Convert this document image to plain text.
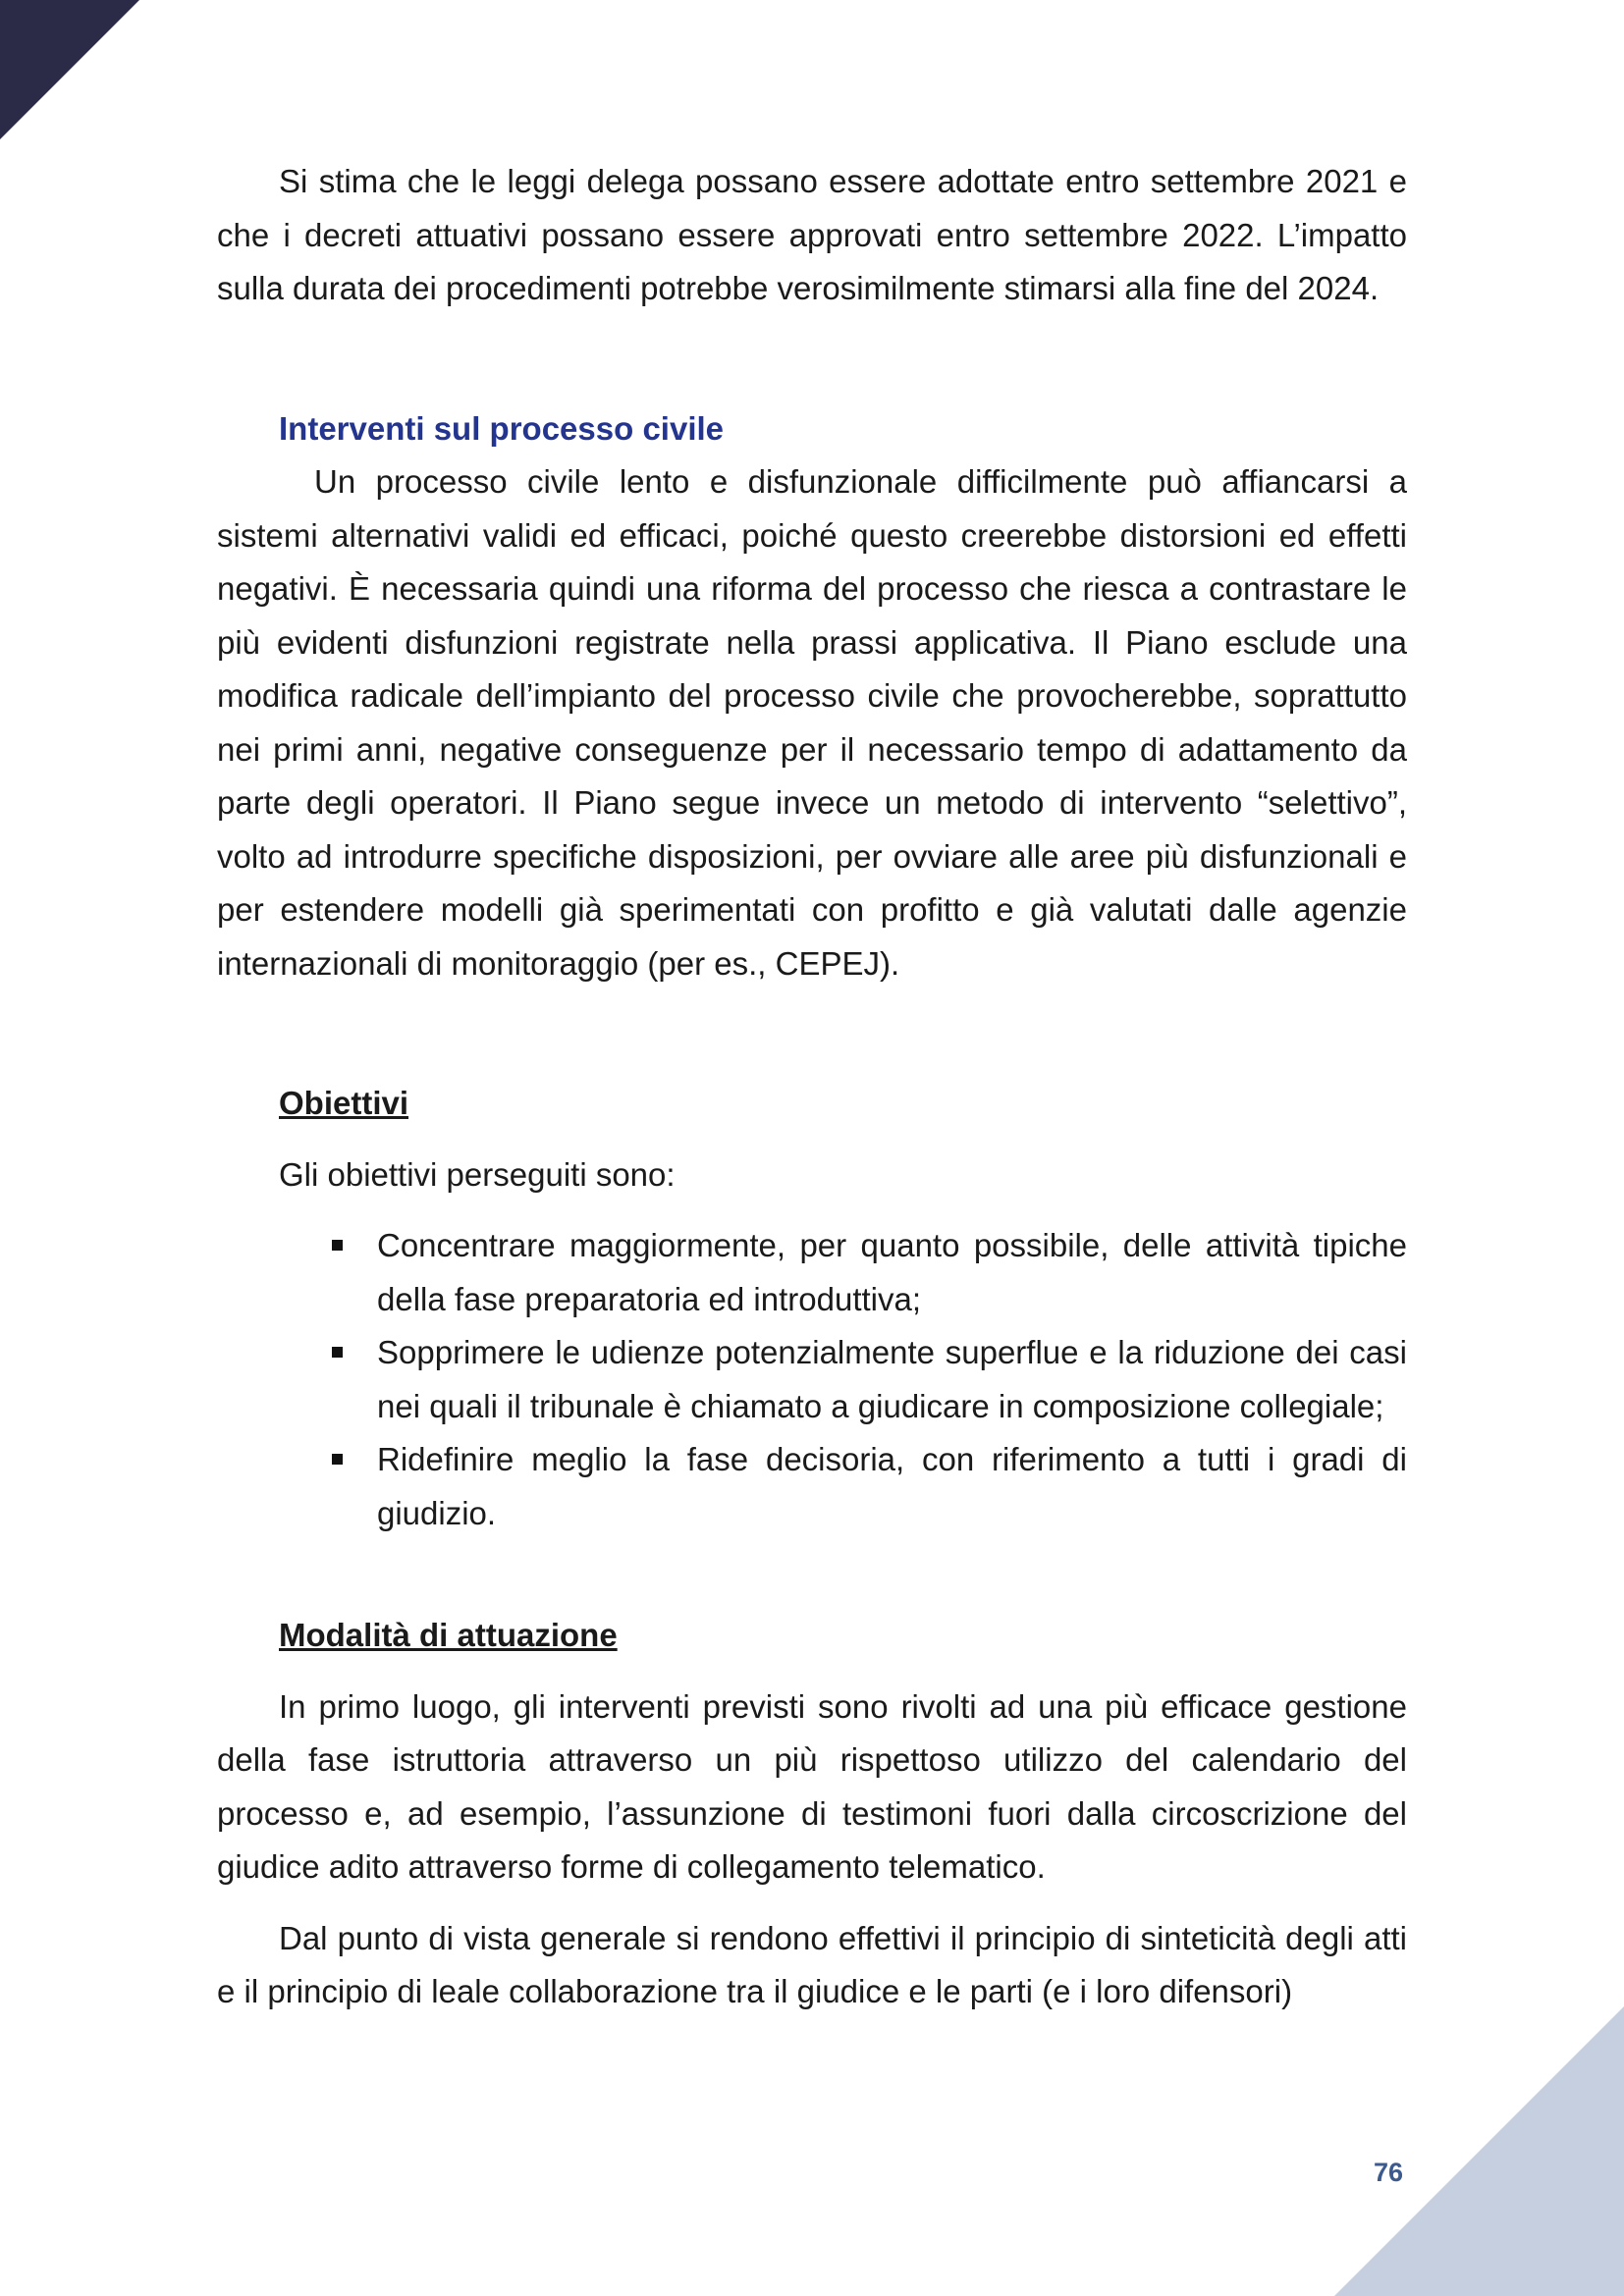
Si stima che le leggi delega possano essere adottate entro settembre 2021 e che i decreti attuativi possano essere approvati entro settembre 2022. L’impatto sulla durata dei procedimenti potrebbe verosimilmente stimarsi alla fine del 2024.

Interventi sul processo civile

Un processo civile lento e disfunzionale difficilmente può affiancarsi a sistemi alternativi validi ed efficaci, poiché questo creerebbe distorsioni ed effetti negativi. È necessaria quindi una riforma del processo che riesca a contrastare le più evidenti disfunzioni registrate nella prassi applicativa. Il Piano esclude una modifica radicale dell’impianto del processo civile che provocherebbe, soprattutto nei primi anni, negative conseguenze per il necessario tempo di adattamento da parte degli operatori. Il Piano segue invece un metodo di intervento “selettivo”, volto ad introdurre specifiche disposizioni, per ovviare alle aree più disfunzionali e per estendere modelli già sperimentati con profitto e già valutati dalle agenzie internazionali di monitoraggio (per es., CEPEJ).

Obiettivi

Gli obiettivi perseguiti sono:

Concentrare maggiormente, per quanto possibile, delle attività tipiche della fase preparatoria ed introduttiva;
Sopprimere le udienze potenzialmente superflue e la riduzione dei casi nei quali il tribunale è chiamato a giudicare in composizione collegiale;
Ridefinire meglio la fase decisoria, con riferimento a tutti i gradi di giudizio.
Modalità di attuazione

In primo luogo, gli interventi previsti sono rivolti ad una più efficace gestione della fase istruttoria attraverso un più rispettoso utilizzo del calendario del processo e, ad esempio, l’assunzione di testimoni fuori dalla circoscrizione del giudice adito attraverso forme di collegamento telematico.

Dal punto di vista generale si rendono effettivi il principio di sinteticità degli atti e il principio di leale collaborazione tra il giudice e le parti (e i loro difensori)

76
